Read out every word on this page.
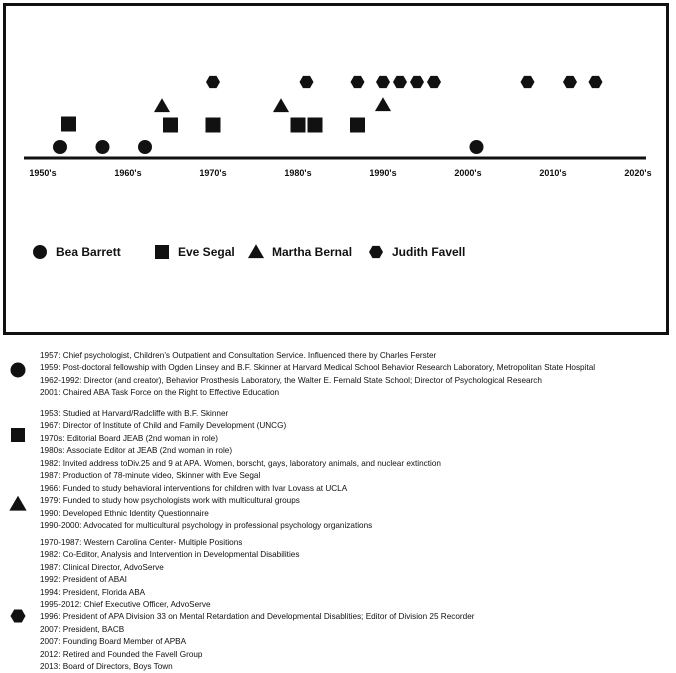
1950's	1960's	1970's	1980's	1990's	2000's	2010's	2020's
Bea Barrett	Eve Segal	Martha Bernal	Judith Favell
1957: Chief psychologist, Children’s Outpatient and Consultation Service. Influenced there by Charles Ferster
1959: Post-doctoral fellowship with Ogden Linsey and B.F. Skinner at Harvard Medical School Behavior Research Laboratory, Metropolitan State Hospital
1962-1992: Director (and creator), Behavior Prosthesis Laboratory, the Walter E. Fernald State School; Director of Psychological Research
2001: Chaired ABA Task Force on the Right to Effective Education
1953: Studied at Harvard/Radcliffe with B.F. Skinner
1967: Director of Institute of Child and Family Development (UNCG)
1970s: Editorial Board JEAB (2nd woman in role)
1980s: Associate Editor at JEAB (2nd woman in role)
1982: Invited address toDiv.25 and 9 at APA. Women, borscht, gays, laboratory animals, and nuclear extinction
1987: Production of 78-minute video, Skinner with Eve Segal
1966: Funded to study behavioral interventions for children with Ivar Lovass at UCLA
1979: Funded to study how psychologists work with multicultural groups
1990: Developed Ethnic Identity Questionnaire
1990-2000: Advocated for multicultural psychology in professional psychology organizations
1970-1987: Western Carolina Center- Multiple Positions
1982: Co-Editor, Analysis and Intervention in Developmental Disabilities
1987: Clinical Director, AdvoServe
1992: President of ABAI
1994: President, Florida ABA
1995-2012: Chief Executive Officer, AdvoServe
1996: President of APA Division 33 on Mental Retardation and Developmental Disablities; Editor of Division 25 Recorder
2007: President, BACB
2007: Founding Board Member of APBA
2012: Retired and Founded the Favell Group
2013: Board of Directors, Boys Town
